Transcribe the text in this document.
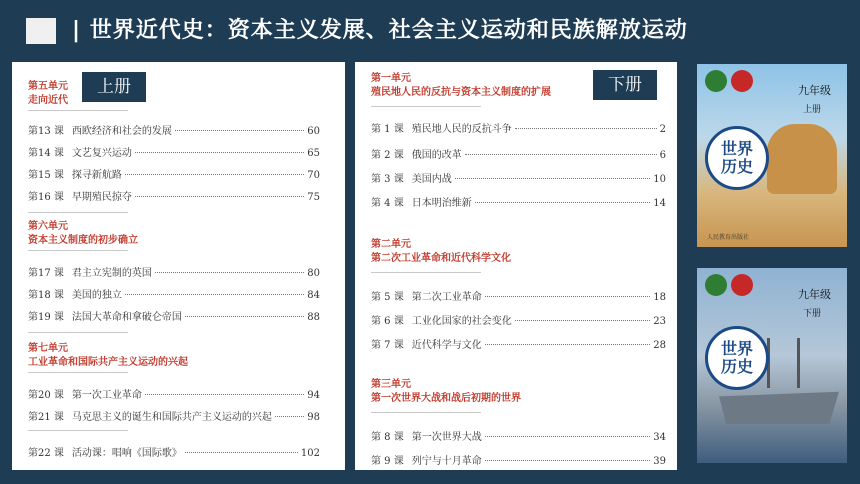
| 世界近代史：资本主义发展、社会主义运动和民族解放运动
上册
第五单元
走向近代
第13 课 西欧经济和社会的发展	60
第14 课 文艺复兴运动	65
第15 课 探寻新航路	70
第16 课 早期殖民掠夺	75
第六单元
资本主义制度的初步确立
第17 课 君主立宪制的英国	80
第18 课 美国的独立	84
第19 课 法国大革命和拿破仑帝国	88
第七单元
工业革命和国际共产主义运动的兴起
第20 课 第一次工业革命	94
第21 课 马克思主义的诞生和国际共产主义运动的兴起	98
第22 课 活动课：唱响《国际歌》	102
下册
第一单元
殖民地人民的反抗与资本主义制度的扩展
第 1 课 殖民地人民的反抗斗争	2
第 2 课 俄国的改革	6
第 3 课 美国内战	10
第 4 课 日本明治维新	14
第二单元
第二次工业革命和近代科学文化
第 5 课 第二次工业革命	18
第 6 课 工业化国家的社会变化	23
第 7 课 近代科学与文化	28
第三单元
第一次世界大战和战后初期的世界
第 8 课 第一次世界大战	34
第 9 课 列宁与十月革命	39
九年级
上册
世界
历史
人民教育出版社
九年级
下册
世界
历史
